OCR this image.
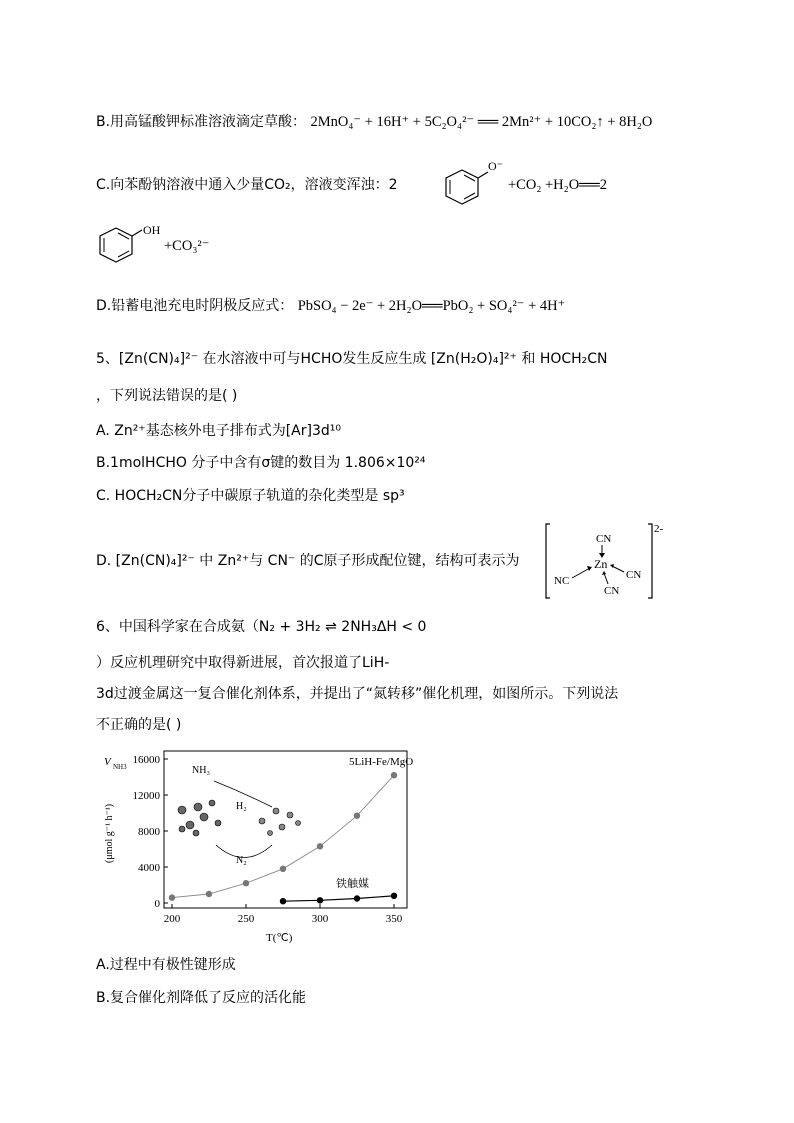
B.用高锰酸钾标准溶液滴定草酸： 2MnO₄⁻ + 16H⁺ + 5C₂O₄²⁻ ══ 2Mn²⁺ + 10CO₂↑ + 8H₂O
C.向苯酚钠溶液中通入少量CO₂，溶液变浑浊：2
O⁻
+CO₂ +H₂O══2
OH
+CO₃²⁻
D.铅蓄电池充电时阴极反应式： PbSO₄ − 2e⁻ + 2H₂O══PbO₂ + SO₄²⁻ + 4H⁺
5、[Zn(CN)₄]²⁻ 在水溶液中可与HCHO发生反应生成 [Zn(H₂O)₄]²⁺ 和 HOCH₂CN
，下列说法错误的是( )
A. Zn²⁺基态核外电子排布式为[Ar]3d¹⁰
B.1molHCHO 分子中含有σ键的数目为 1.806×10²⁴
C. HOCH₂CN分子中碳原子轨道的杂化类型是 sp³
D. [Zn(CN)₄]²⁻ 中 Zn²⁺与 CN⁻ 的C原子形成配位键，结构可表示为
2-
CN
Zn
NC	CN
CN
6、中国科学家在合成氨（N₂ + 3H₂ ⇌ 2NH₃ΔH < 0
）反应机理研究中取得新进展，首次报道了LiH-
3d过渡金属这一复合催化剂体系，并提出了“氮转移”催化机理，如图所示。下列说法
不正确的是( )
V NH3
(μmol g⁻¹ h⁻¹)
5LiH-Fe/MgO
铁触媒
T(℃)
NH₃
H₂
N₂
200	250	300	350
0
4000
8000
12000
16000
A.过程中有极性键形成
B.复合催化剂降低了反应的活化能
